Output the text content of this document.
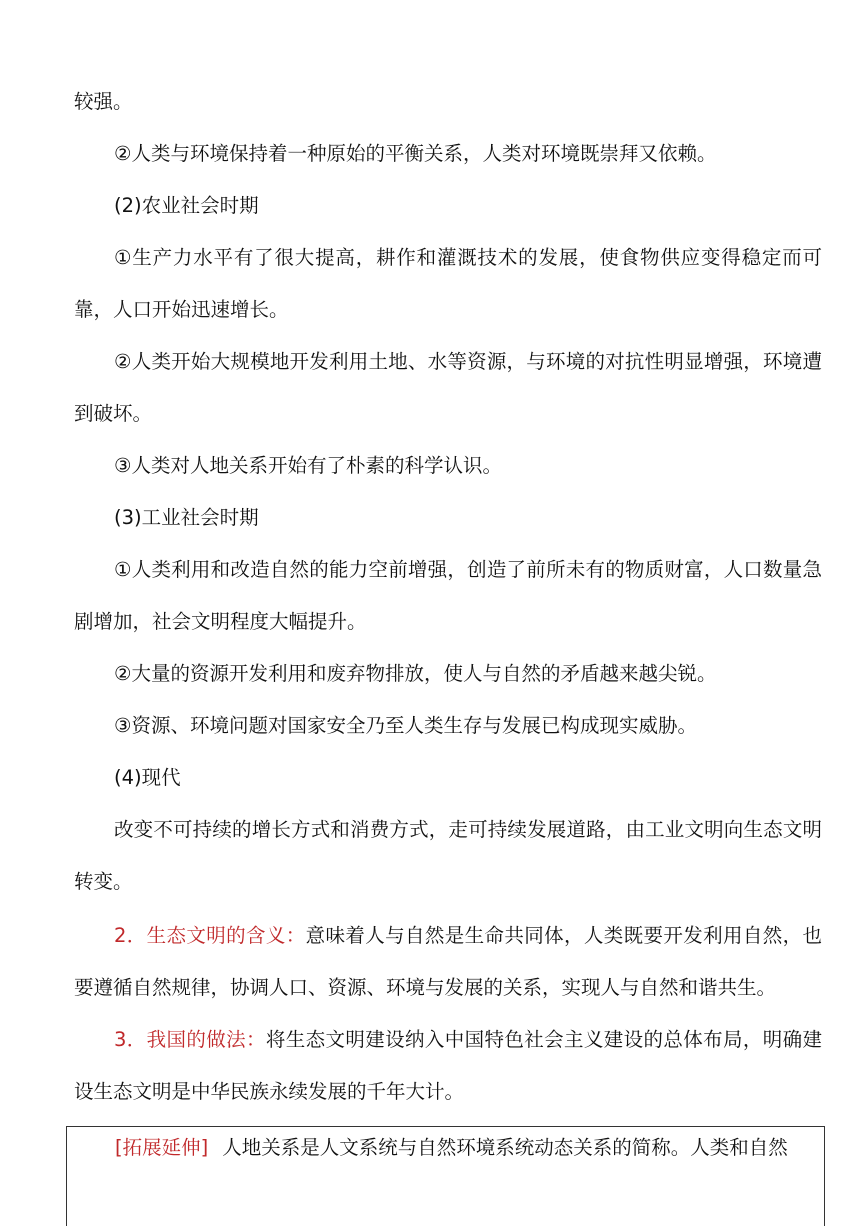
较强。

②人类与环境保持着一种原始的平衡关系，人类对环境既崇拜又依赖。

(2)农业社会时期

①生产力水平有了很大提高，耕作和灌溉技术的发展，使食物供应变得稳定而可靠，人口开始迅速增长。

②人类开始大规模地开发利用土地、水等资源，与环境的对抗性明显增强，环境遭到破坏。

③人类对人地关系开始有了朴素的科学认识。

(3)工业社会时期

①人类利用和改造自然的能力空前增强，创造了前所未有的物质财富，人口数量急剧增加，社会文明程度大幅提升。

②大量的资源开发利用和废弃物排放，使人与自然的矛盾越来越尖锐。

③资源、环境问题对国家安全乃至人类生存与发展已构成现实威胁。

(4)现代

改变不可持续的增长方式和消费方式，走可持续发展道路，由工业文明向生态文明转变。

2．生态文明的含义：意味着人与自然是生命共同体，人类既要开发利用自然，也要遵循自然规律，协调人口、资源、环境与发展的关系，实现人与自然和谐共生。

3．我国的做法：将生态文明建设纳入中国特色社会主义建设的总体布局，明确建设生态文明是中华民族永续发展的千年大计。

[拓展延伸] 人地关系是人文系统与自然环境系统动态关系的简称。人类和自然
